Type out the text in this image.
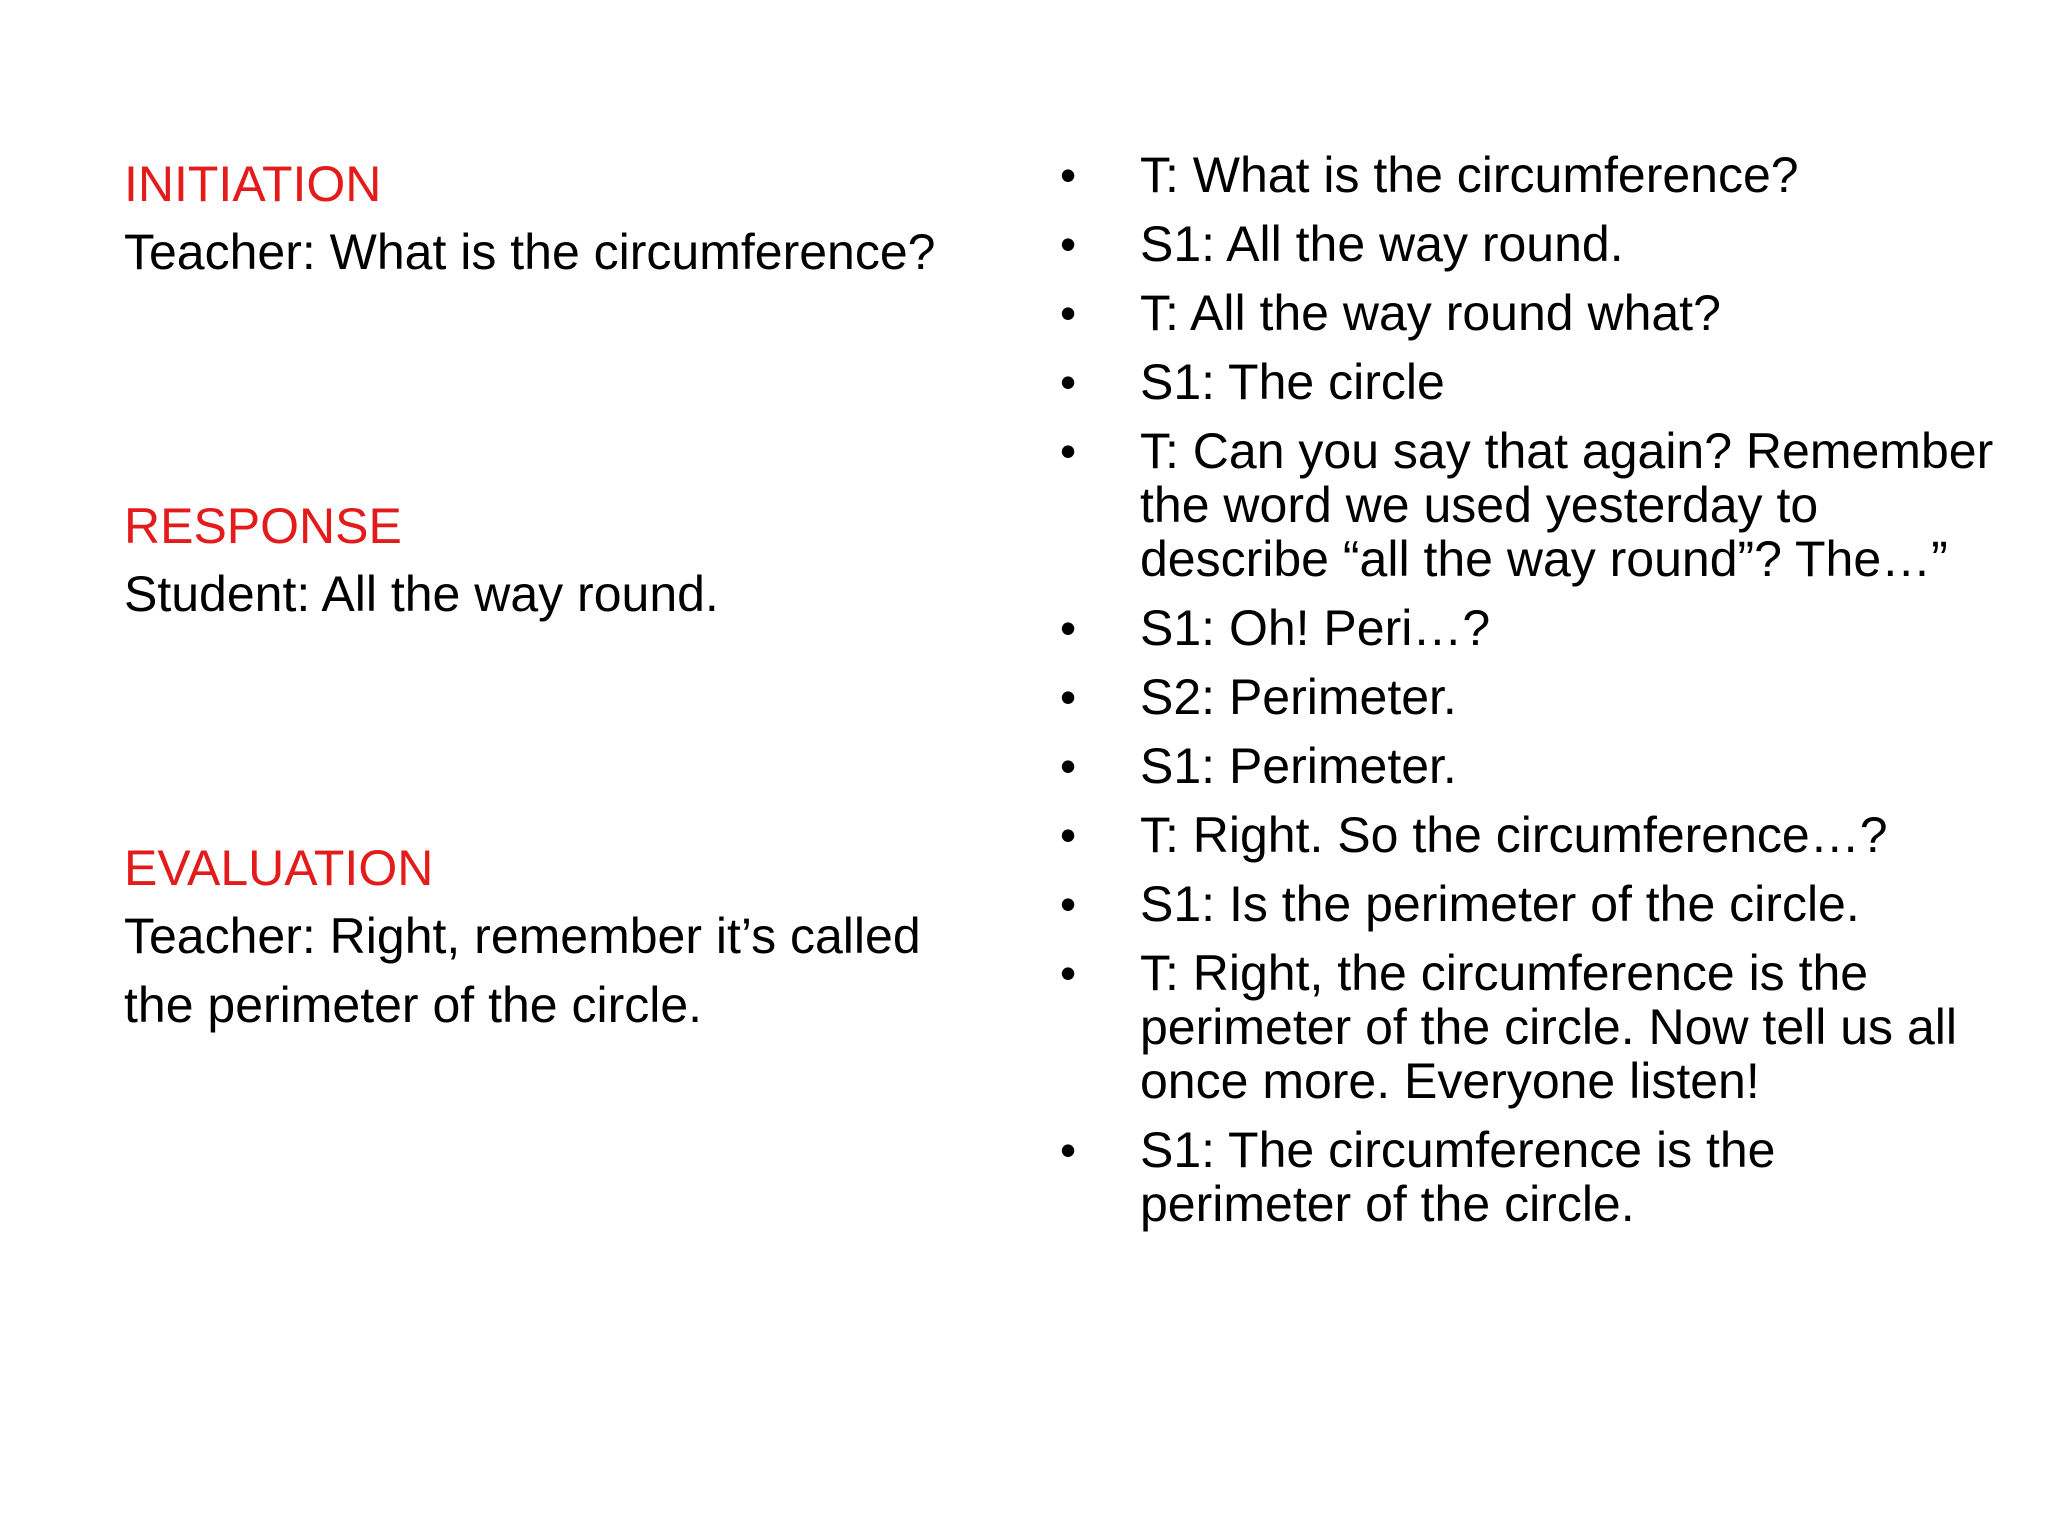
INITIATION

Teacher: What is the circumference?

RESPONSE

Student: All the way round.

EVALUATION

Teacher: Right, remember it’s called the perimeter of the circle.

•	T: What is the circumference?
•	S1: All the way round.
•	T: All the way round what?
•	S1: The circle
•	T: Can you say that again? Remember the word we used yesterday to describe “all the way round”? The…”
•	S1: Oh! Peri…?
•	S2: Perimeter.
•	S1: Perimeter.
•	T: Right. So the circumference…?
•	S1: Is the perimeter of the circle.
•	T: Right, the circumference is the perimeter of the circle. Now tell us all once more. Everyone listen!
•	S1: The circumference is the perimeter of the circle.
